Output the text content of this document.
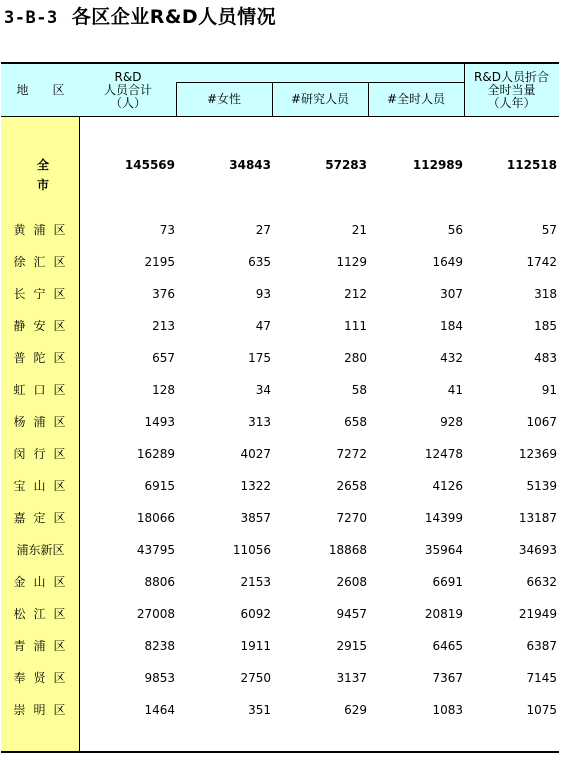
3-B-3 各区企业R&D人员情况
地　　区
R&D
人员合计
（人）	#女性	#研究人员	#全时人员
R&D人员折合
全时当量
（人年）
全市
145569	34843	57283	112989	112518
黄浦区	73	27	21	56	57
徐汇区	2195	635	1129	1649	1742
长宁区	376	93	212	307	318
静安区	213	47	111	184	185
普陀区	657	175	280	432	483
虹口区	128	34	58	41	91
杨浦区	1493	313	658	928	1067
闵行区	16289	4027	7272	12478	12369
宝山区	6915	1322	2658	4126	5139
嘉定区	18066	3857	7270	14399	13187
浦东新区	43795	11056	18868	35964	34693
金山区	8806	2153	2608	6691	6632
松江区	27008	6092	9457	20819	21949
青浦区	8238	1911	2915	6465	6387
奉贤区	9853	2750	3137	7367	7145
崇明区	1464	351	629	1083	1075
